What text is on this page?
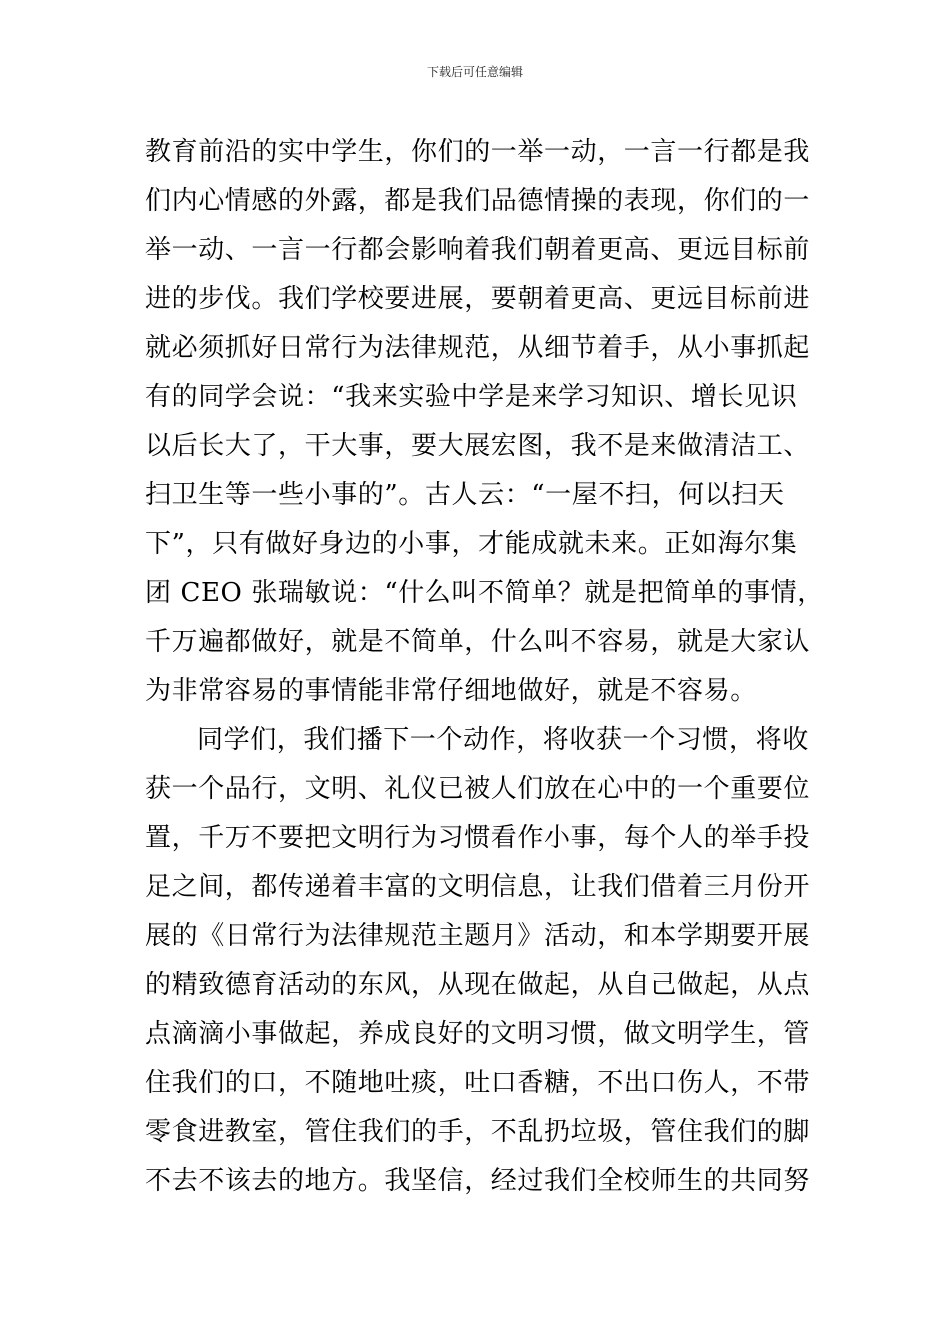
下载后可任意编辑
教育前沿的实中学生，你们的一举一动，一言一行都是我
们内心情感的外露，都是我们品德情操的表现，你们的一
举一动、一言一行都会影响着我们朝着更高、更远目标前
进的步伐。我们学校要进展，要朝着更高、更远目标前进
就必须抓好日常行为法律规范，从细节着手，从小事抓起
有的同学会说：“我来实验中学是来学习知识、增长见识
以后长大了，干大事，要大展宏图，我不是来做清洁工、
扫卫生等一些小事的”。古人云：“一屋不扫，何以扫天
下”，只有做好身边的小事，才能成就未来。正如海尔集
团 CEO 张瑞敏说：“什么叫不简单？就是把简单的事情，
千万遍都做好，就是不简单，什么叫不容易，就是大家认
为非常容易的事情能非常仔细地做好，就是不容易。
同学们，我们播下一个动作，将收获一个习惯，将收
获一个品行，文明、礼仪已被人们放在心中的一个重要位
置，千万不要把文明行为习惯看作小事，每个人的举手投
足之间，都传递着丰富的文明信息，让我们借着三月份开
展的《日常行为法律规范主题月》活动，和本学期要开展
的精致德育活动的东风，从现在做起，从自己做起，从点
点滴滴小事做起，养成良好的文明习惯，做文明学生，管
住我们的口，不随地吐痰，吐口香糖，不出口伤人，不带
零食进教室，管住我们的手，不乱扔垃圾，管住我们的脚
不去不该去的地方。我坚信，经过我们全校师生的共同努
